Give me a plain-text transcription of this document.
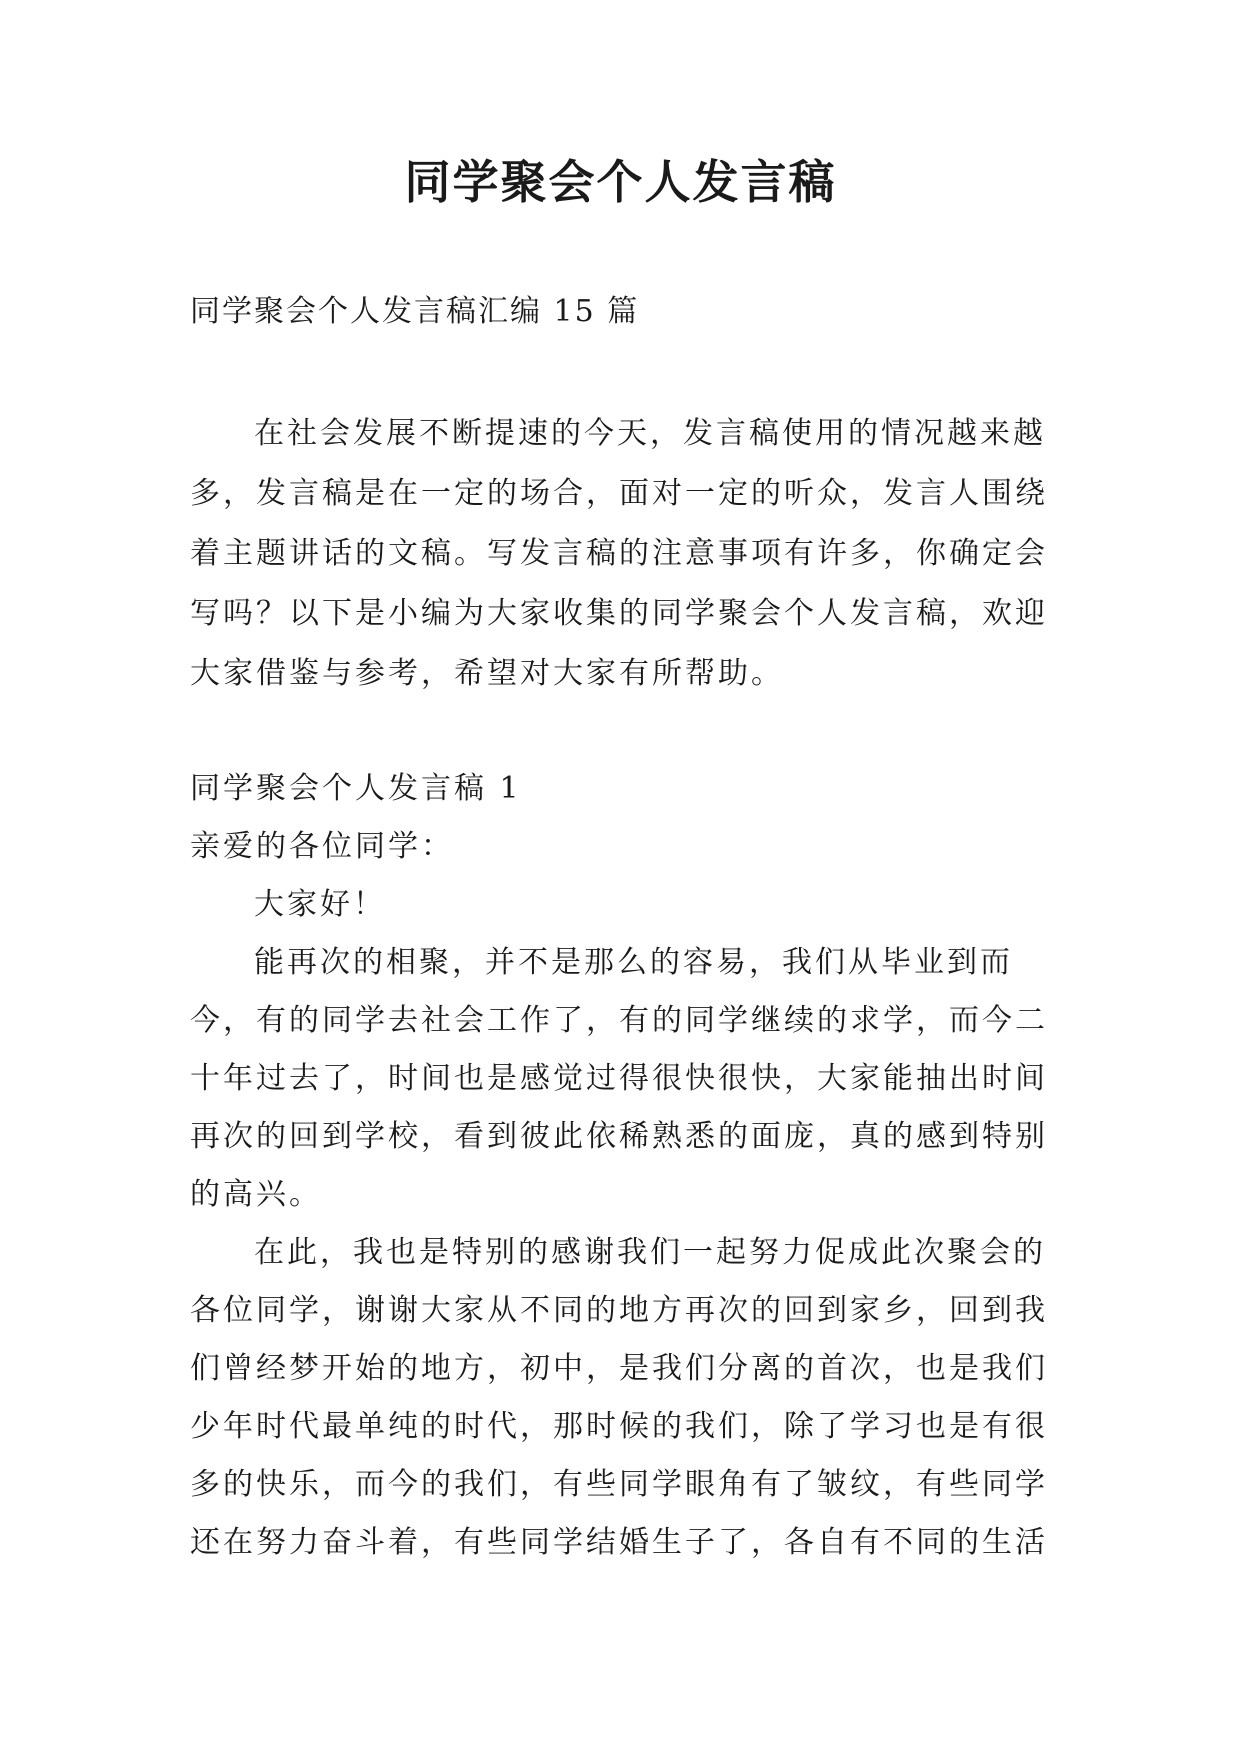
同学聚会个人发言稿

同学聚会个人发言稿汇编 15 篇

在社会发展不断提速的今天，发言稿使用的情况越来越多，发言稿是在一定的场合，面对一定的听众，发言人围绕着主题讲话的文稿。写发言稿的注意事项有许多，你确定会写吗？以下是小编为大家收集的同学聚会个人发言稿，欢迎大家借鉴与参考，希望对大家有所帮助。

同学聚会个人发言稿 1

亲爱的各位同学：

大家好！

能再次的相聚，并不是那么的容易，我们从毕业到而今，有的同学去社会工作了，有的同学继续的求学，而今二十年过去了，时间也是感觉过得很快很快，大家能抽出时间再次的回到学校，看到彼此依稀熟悉的面庞，真的感到特别的高兴。

在此，我也是特别的感谢我们一起努力促成此次聚会的各位同学，谢谢大家从不同的地方再次的回到家乡，回到我们曾经梦开始的地方，初中，是我们分离的首次，也是我们少年时代最单纯的时代，那时候的我们，除了学习也是有很多的快乐，而今的我们，有些同学眼角有了皱纹，有些同学还在努力奋斗着，有些同学结婚生子了，各自有不同的生活
